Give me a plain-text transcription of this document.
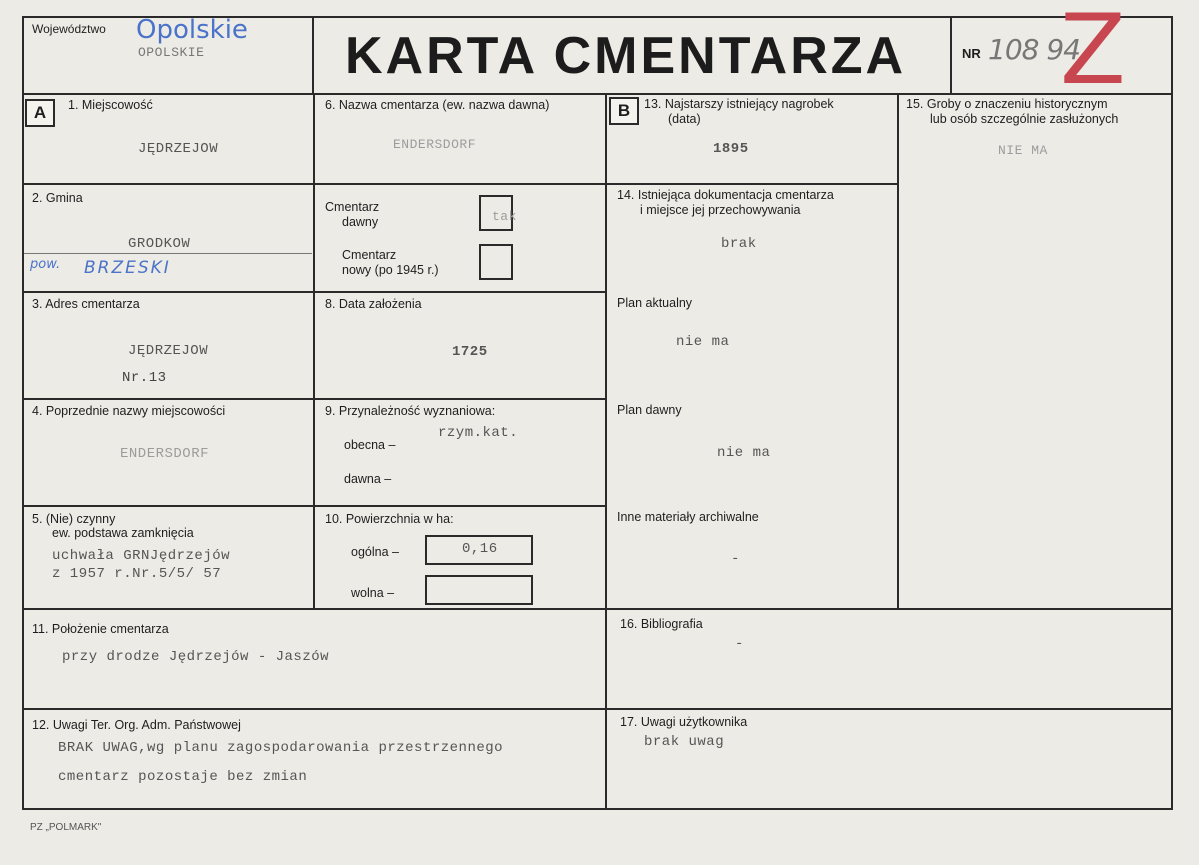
Województwo Opolskie
OPOLSKIE	KARTA CMENTARZA	NR 108 94
Z
A	B
1. Miejscowość
JĘDRZEJOW
2. Gmina
GRODKOW
pow. BRZESKI
3. Adres cmentarza
JĘDRZEJOW
Nr.13
4. Poprzednie nazwy miejscowości
ENDERSDORF
5. (Nie) czynny
ew. podstawa zamknięcia
uchwała GRNJędrzejów
z 1957 r.Nr.5/5/ 57
6. Nazwa cmentarza (ew. nazwa dawna)
ENDERSDORF
Cmentarz
dawny	tak
Cmentarz
nowy (po 1945 r.)
8. Data założenia
1725
9. Przynależność wyznaniowa:
rzym.kat.
obecna –
dawna –
10. Powierzchnia w ha:
ogólna –	0,16
wolna –
11. Położenie cmentarza
przy drodze Jędrzejów - Jaszów
12. Uwagi Ter. Org. Adm. Państwowej
BRAK UWAG,wg planu zagospodarowania przestrzennego
cmentarz pozostaje bez zmian
13. Najstarszy istniejący nagrobek
(data)
1895
14. Istniejąca dokumentacja cmentarza
i miejsce jej przechowywania
brak
Plan aktualny
nie ma
Plan dawny
nie ma
Inne materiały archiwalne
-
15. Groby o znaczeniu historycznym
lub osób szczególnie zasłużonych
NIE MA
16. Bibliografia
-
17. Uwagi użytkownika
brak uwag
PZ „POLMARK"
